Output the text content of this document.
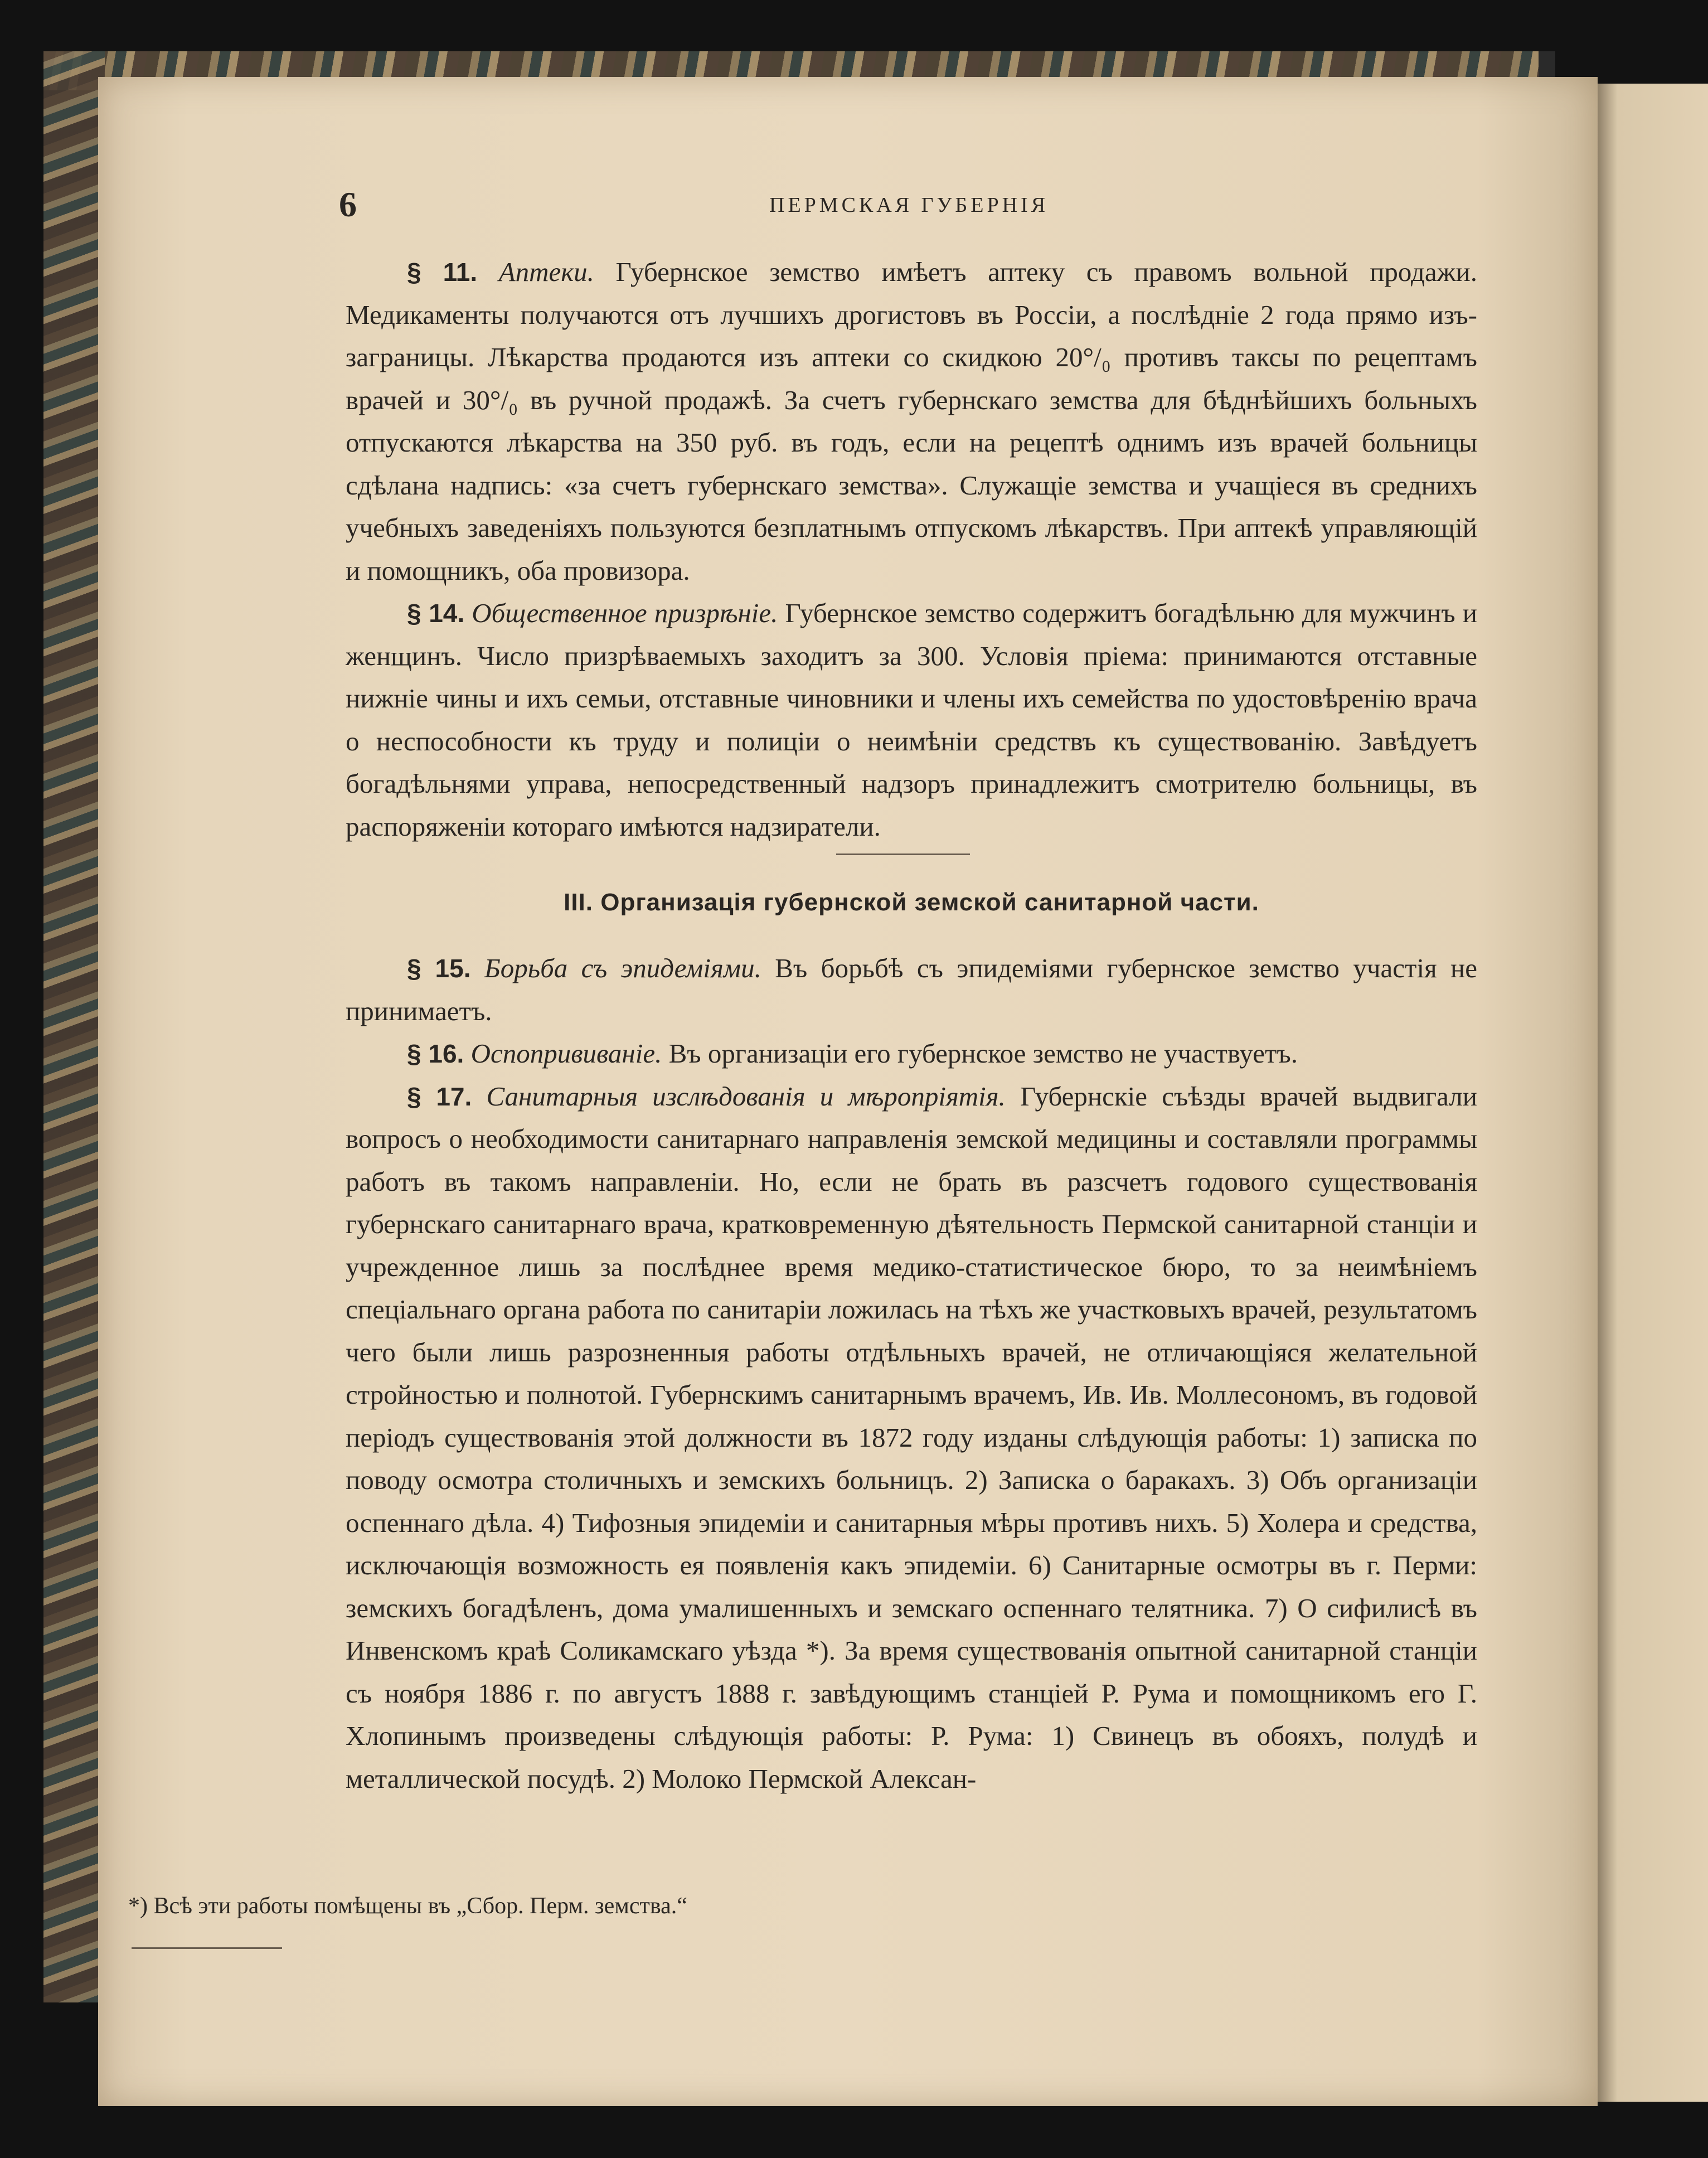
6	ПЕРМСКАЯ ГУБЕРНІЯ

§ 11. Аптеки. Губернское земство имѣетъ аптеку съ правомъ вольной продажи. Медикаменты получаются отъ лучшихъ дрогистовъ въ Россіи, а послѣдніе 2 года прямо изъ-заграницы. Лѣкарства продаются изъ аптеки со скидкою 20°/₀ противъ таксы по рецептамъ врачей и 30°/₀ въ ручной продажѣ. За счетъ губернскаго земства для бѣднѣйшихъ больныхъ отпускаются лѣкарства на 350 руб. въ годъ, если на рецептѣ однимъ изъ врачей больницы сдѣлана надпись: «за счетъ губернскаго земства». Служащіе земства и учащіеся въ среднихъ учебныхъ заведеніяхъ пользуются безплатнымъ отпускомъ лѣкарствъ. При аптекѣ управляющій и помощникъ, оба провизора.

§ 14. Общественное призрѣніе. Губернское земство содержитъ богадѣльню для мужчинъ и женщинъ. Число призрѣваемыхъ заходитъ за 300. Условія пріема: принимаются отставные нижніе чины и ихъ семьи, отставные чиновники и члены ихъ семейства по удостовѣренію врача о неспособности къ труду и полиціи о неимѣніи средствъ къ существованію. Завѣдуетъ богадѣльнями управа, непосредственный надзоръ принадлежитъ смотрителю больницы, въ распоряженіи котораго имѣются надзиратели.

III. Организація губернской земской санитарной части.

§ 15. Борьба съ эпидеміями. Въ борьбѣ съ эпидеміями губернское земство участія не принимаетъ.

§ 16. Оспопрививаніе. Въ организаціи его губернское земство не участвуетъ.

§ 17. Санитарныя изслѣдованія и мѣропріятія. Губернскіе съѣзды врачей выдвигали вопросъ о необходимости санитарнаго направленія земской медицины и составляли программы работъ въ такомъ направленіи. Но, если не брать въ разсчетъ годового существованія губернскаго санитарнаго врача, кратковременную дѣятельность Пермской санитарной станціи и учрежденное лишь за послѣднее время медико-статистическое бюро, то за неимѣніемъ спеціальнаго органа работа по санитаріи ложилась на тѣхъ же участковыхъ врачей, результатомъ чего были лишь разрозненныя работы отдѣльныхъ врачей, не отличающіяся желательной стройностью и полнотой. Губернскимъ санитарнымъ врачемъ, Ив. Ив. Моллесономъ, въ годовой періодъ существованія этой должности въ 1872 году изданы слѣдующія работы: 1) записка по поводу осмотра столичныхъ и земскихъ больницъ. 2) Записка о баракахъ. 3) Объ организаціи оспеннаго дѣла. 4) Тифозныя эпидеміи и санитарныя мѣры противъ нихъ. 5) Холера и средства, исключающія возможность ея появленія какъ эпидеміи. 6) Санитарные осмотры въ г. Перми: земскихъ богадѣленъ, дома умалишенныхъ и земскаго оспеннаго телятника. 7) О сифилисѣ въ Инвенскомъ краѣ Соликамскаго уѣзда *). За время существованія опытной санитарной станціи съ ноября 1886 г. по августъ 1888 г. завѣдующимъ станціей Р. Рума и помощникомъ его Г. Хлопинымъ произведены слѣдующія работы: Р. Рума: 1) Свинецъ въ обояхъ, полудѣ и металлической посудѣ. 2) Молоко Пермской Алексан-

*) Всѣ эти работы помѣщены въ „Сбор. Перм. земства.“
